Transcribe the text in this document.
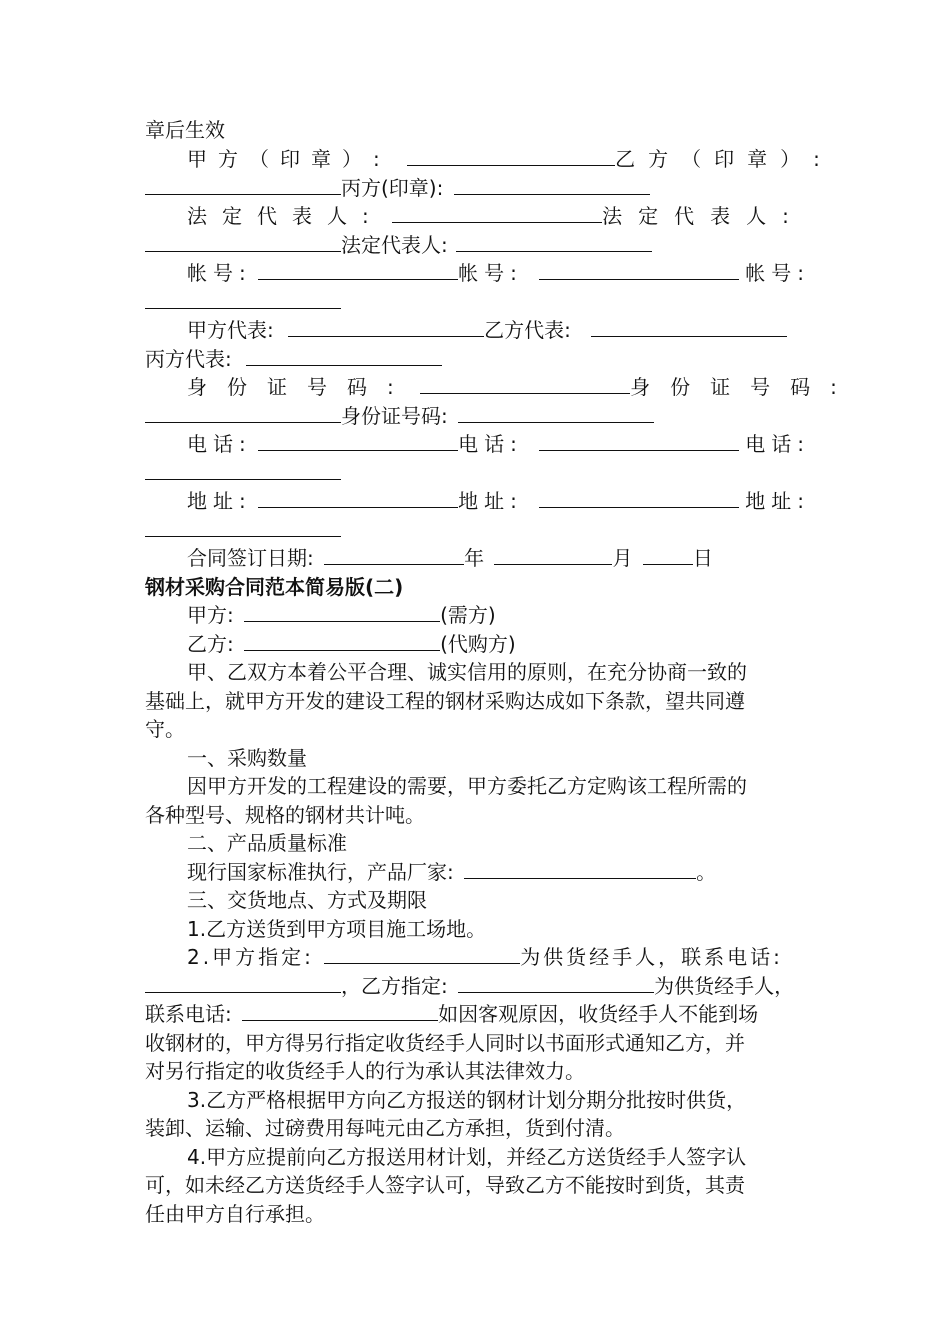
章后生效
甲方（印章）:	乙方（印章）:
丙方(印章):
法定代表人:	法定代表人:
法定代表人:
帐号:	帐号:	帐号:
甲方代表:	乙方代表:
丙方代表:
身份证号码:	身份证号码:
身份证号码:
电话:	电话:	电话:
地址:	地址:	地址:
合同签订日期:	年	月	日
钢材采购合同范本简易版(二)
甲方:	(需方)
乙方:	(代购方)
甲、乙双方本着公平合理、诚实信用的原则，在充分协商一致的
基础上，就甲方开发的建设工程的钢材采购达成如下条款，望共同遵
守。
一、采购数量
因甲方开发的工程建设的需要，甲方委托乙方定购该工程所需的
各种型号、规格的钢材共计吨。
二、产品质量标准
现行国家标准执行，产品厂家:	。
三、交货地点、方式及期限
1.乙方送货到甲方项目施工场地。
2.甲方指定:	为供货经手人，联系电话:
，乙方指定:	为供货经手人，
联系电话:	如因客观原因，收货经手人不能到场
收钢材的，甲方得另行指定收货经手人同时以书面形式通知乙方，并
对另行指定的收货经手人的行为承认其法律效力。
3.乙方严格根据甲方向乙方报送的钢材计划分期分批按时供货，
装卸、运输、过磅费用每吨元由乙方承担，货到付清。
4.甲方应提前向乙方报送用材计划，并经乙方送货经手人签字认
可，如未经乙方送货经手人签字认可，导致乙方不能按时到货，其责
任由甲方自行承担。
